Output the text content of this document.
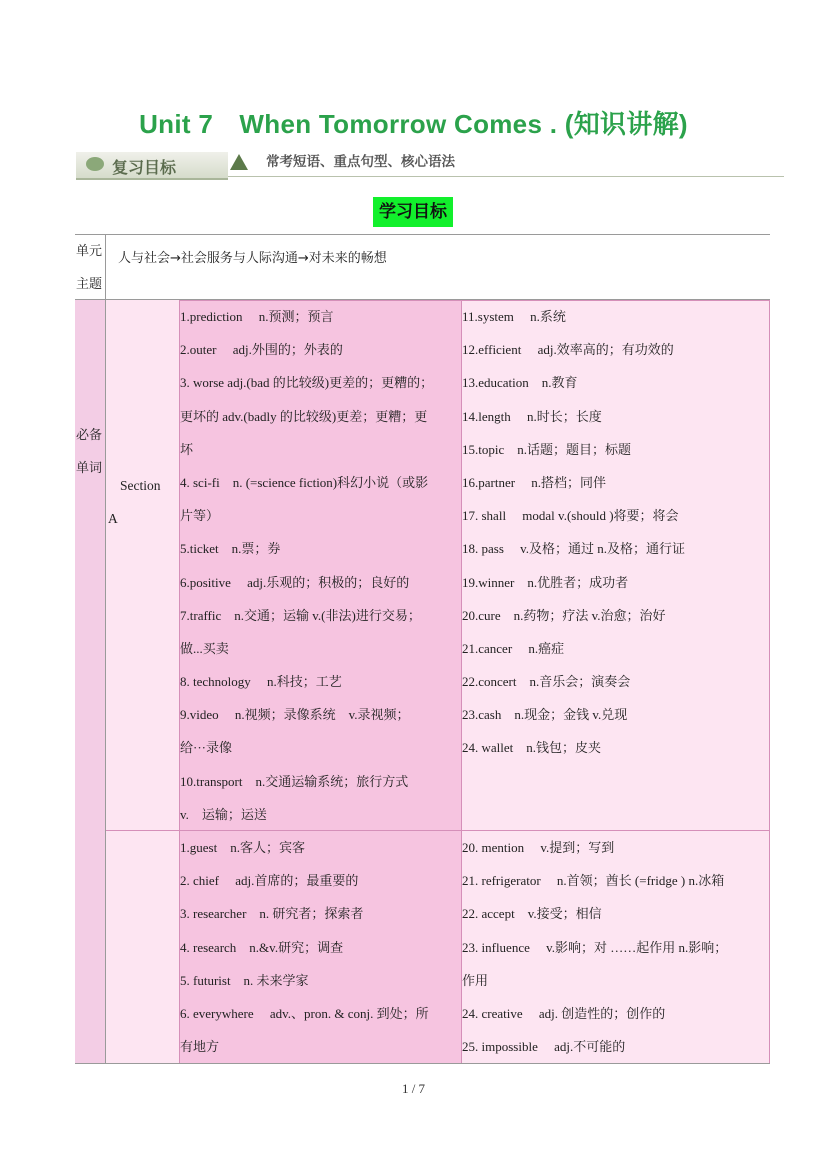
Unit 7　When Tomorrow Comes . (知识讲解)
复习目标	常考短语、重点句型、核心语法
学习目标
单元
主题
人与社会→社会服务与人际沟通→对未来的畅想
必备
单词
Section
A
1.prediction　 n.预测；预言
2.outer　 adj.外围的；外表的
3. worse adj.(bad 的比较级)更差的；更糟的；
更坏的 adv.(badly 的比较级)更差；更糟；更
坏
4. sci-fi　n. (=science fiction)科幻小说（或影
片等）
5.ticket　n.票；券
6.positive　 adj.乐观的；积极的；良好的
7.traffic　n.交通；运输 v.(非法)进行交易；
做...买卖
8. technology　 n.科技；工艺
9.video　 n.视频；录像系统　v.录视频；
给···录像
10.transport　n.交通运输系统；旅行方式
v.　运输；运送
11.system　 n.系统
12.efficient　 adj.效率高的；有功效的
13.education　n.教育
14.length　 n.时长；长度
15.topic　n.话题；题目；标题
16.partner　 n.搭档；同伴
17. shall　 modal v.(should )将要；将会
18. pass　 v.及格；通过 n.及格；通行证
19.winner　n.优胜者；成功者
20.cure　n.药物；疗法 v.治愈；治好
21.cancer　 n.癌症
22.concert　n.音乐会；演奏会
23.cash　n.现金；金钱 v.兑现
24. wallet　n.钱包；皮夹
1.guest　n.客人；宾客
2. chief　 adj.首席的；最重要的
3. researcher　n. 研究者；探索者
4. research　n.&v.研究；调查
5. futurist　n. 未来学家
6. everywhere　 adv.、pron. & conj. 到处；所
有地方
20. mention　 v.提到；写到
21. refrigerator　 n.首领；酋长 (=fridge ) n.冰箱
22. accept　v.接受；相信
23. influence　 v.影响；对 ……起作用 n.影响；
作用
24. creative　 adj. 创造性的；创作的
25. impossible　 adj.不可能的
1 / 7
